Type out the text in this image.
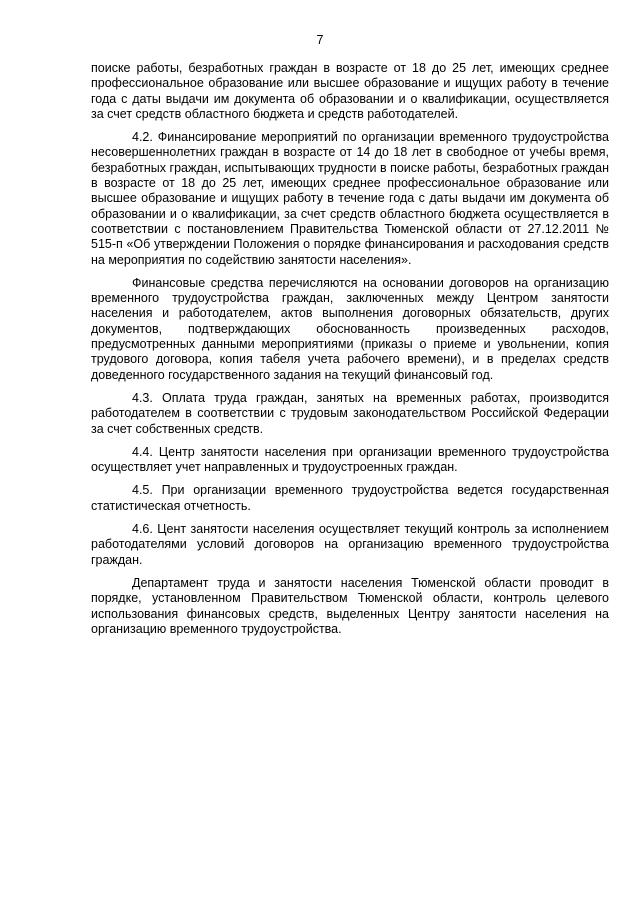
7

поиске работы, безработных граждан в возрасте от 18 до 25 лет, имеющих среднее профессиональное образование или высшее образование и ищущих работу в течение года с даты выдачи им документа об образовании и о квалификации, осуществляется за счет средств областного бюджета и средств работодателей.

4.2. Финансирование мероприятий по организации временного трудоустройства несовершеннолетних граждан в возрасте от 14 до 18 лет в свободное от учебы время, безработных граждан, испытывающих трудности в поиске работы, безработных граждан в возрасте от 18 до 25 лет, имеющих среднее профессиональное образование или высшее образование и ищущих работу в течение года с даты выдачи им документа об образовании и о квалификации, за счет средств областного бюджета осуществляется в соответствии с постановлением Правительства Тюменской области от 27.12.2011 № 515-п «Об утверждении Положения о порядке финансирования и расходования средств на мероприятия по содействию занятости населения».

Финансовые средства перечисляются на основании договоров на организацию временного трудоустройства граждан, заключенных между Центром занятости населения и работодателем, актов выполнения договорных обязательств, других документов, подтверждающих обоснованность произведенных расходов, предусмотренных данными мероприятиями (приказы о приеме и увольнении, копия трудового договора, копия табеля учета рабочего времени), и в пределах средств доведенного государственного задания на текущий финансовый год.

4.3. Оплата труда граждан, занятых на временных работах, производится работодателем в соответствии с трудовым законодательством Российской Федерации за счет собственных средств.

4.4. Центр занятости населения при организации временного трудоустройства осуществляет учет направленных и трудоустроенных граждан.

4.5. При организации временного трудоустройства ведется государственная статистическая отчетность.

4.6. Цент занятости населения осуществляет текущий контроль за исполнением работодателями условий договоров на организацию временного трудоустройства граждан.

Департамент труда и занятости населения Тюменской области проводит в порядке, установленном Правительством Тюменской области, контроль целевого использования финансовых средств, выделенных Центру занятости населения на организацию временного трудоустройства.
